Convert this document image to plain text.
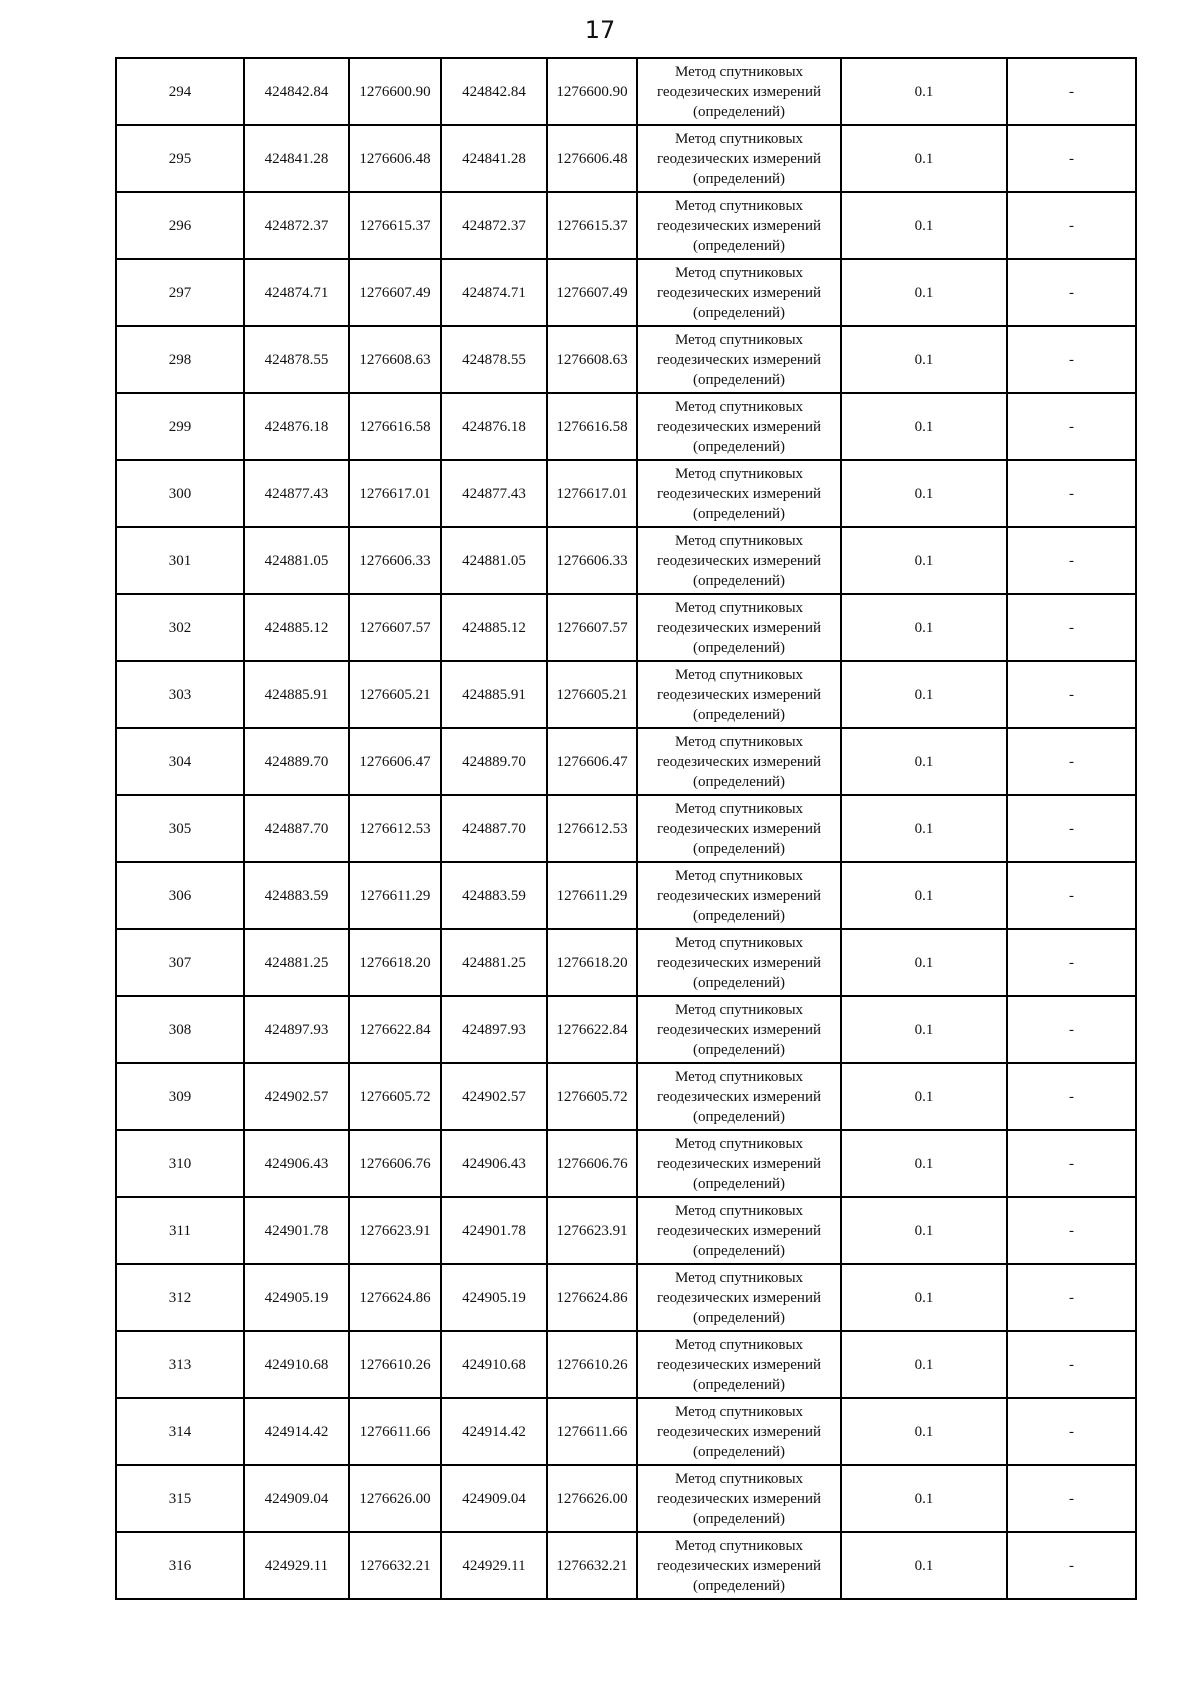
17
294	424842.84	1276600.90	424842.84	1276600.90	Метод спутниковых
геодезических измерений
(определений)	0.1	-
295	424841.28	1276606.48	424841.28	1276606.48	Метод спутниковых
геодезических измерений
(определений)	0.1	-
296	424872.37	1276615.37	424872.37	1276615.37	Метод спутниковых
геодезических измерений
(определений)	0.1	-
297	424874.71	1276607.49	424874.71	1276607.49	Метод спутниковых
геодезических измерений
(определений)	0.1	-
298	424878.55	1276608.63	424878.55	1276608.63	Метод спутниковых
геодезических измерений
(определений)	0.1	-
299	424876.18	1276616.58	424876.18	1276616.58	Метод спутниковых
геодезических измерений
(определений)	0.1	-
300	424877.43	1276617.01	424877.43	1276617.01	Метод спутниковых
геодезических измерений
(определений)	0.1	-
301	424881.05	1276606.33	424881.05	1276606.33	Метод спутниковых
геодезических измерений
(определений)	0.1	-
302	424885.12	1276607.57	424885.12	1276607.57	Метод спутниковых
геодезических измерений
(определений)	0.1	-
303	424885.91	1276605.21	424885.91	1276605.21	Метод спутниковых
геодезических измерений
(определений)	0.1	-
304	424889.70	1276606.47	424889.70	1276606.47	Метод спутниковых
геодезических измерений
(определений)	0.1	-
305	424887.70	1276612.53	424887.70	1276612.53	Метод спутниковых
геодезических измерений
(определений)	0.1	-
306	424883.59	1276611.29	424883.59	1276611.29	Метод спутниковых
геодезических измерений
(определений)	0.1	-
307	424881.25	1276618.20	424881.25	1276618.20	Метод спутниковых
геодезических измерений
(определений)	0.1	-
308	424897.93	1276622.84	424897.93	1276622.84	Метод спутниковых
геодезических измерений
(определений)	0.1	-
309	424902.57	1276605.72	424902.57	1276605.72	Метод спутниковых
геодезических измерений
(определений)	0.1	-
310	424906.43	1276606.76	424906.43	1276606.76	Метод спутниковых
геодезических измерений
(определений)	0.1	-
311	424901.78	1276623.91	424901.78	1276623.91	Метод спутниковых
геодезических измерений
(определений)	0.1	-
312	424905.19	1276624.86	424905.19	1276624.86	Метод спутниковых
геодезических измерений
(определений)	0.1	-
313	424910.68	1276610.26	424910.68	1276610.26	Метод спутниковых
геодезических измерений
(определений)	0.1	-
314	424914.42	1276611.66	424914.42	1276611.66	Метод спутниковых
геодезических измерений
(определений)	0.1	-
315	424909.04	1276626.00	424909.04	1276626.00	Метод спутниковых
геодезических измерений
(определений)	0.1	-
316	424929.11	1276632.21	424929.11	1276632.21	Метод спутниковых
геодезических измерений
(определений)	0.1	-
